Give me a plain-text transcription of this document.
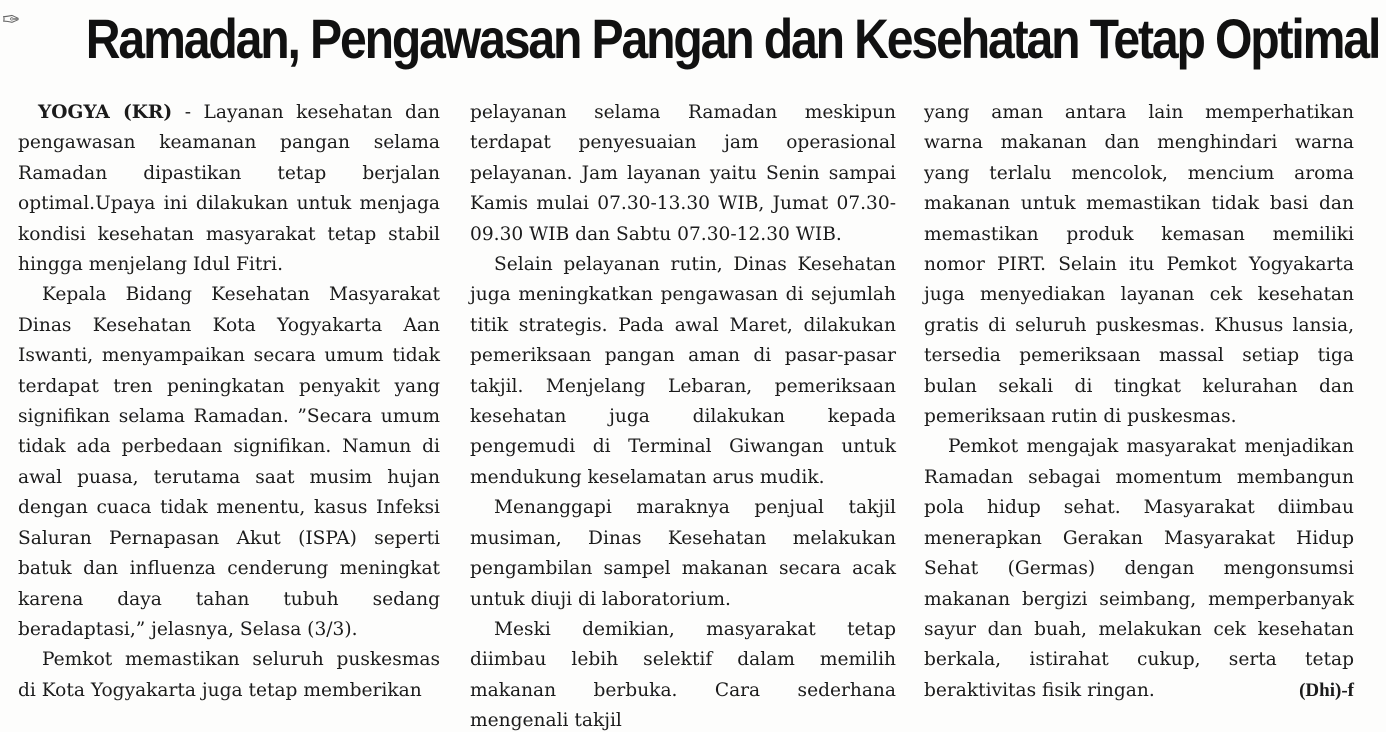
✑	Ramadan, Pengawasan Pangan dan Kesehatan Tetap Optimal

YOGYA (KR) - Layanan kesehatan dan pengawasan keamanan pangan selama Ramadan dipastikan tetap berjalan optimal.Upaya ini dilakukan untuk menjaga kondisi kesehatan masyarakat tetap stabil hingga menjelang Idul Fitri.

Kepala Bidang Kesehatan Masyarakat Dinas Kesehatan Kota Yogyakarta Aan Iswanti, menyampaikan secara umum tidak terdapat tren peningkatan penyakit yang signifikan selama Ramadan. ”Secara umum tidak ada perbedaan signifikan. Namun di awal puasa, terutama saat musim hujan dengan cuaca tidak menentu, kasus Infeksi Saluran Pernapasan Akut (ISPA) seperti batuk dan influenza cenderung meningkat karena daya tahan tubuh sedang beradaptasi,” jelasnya, Selasa (3/3).

Pemkot memastikan seluruh puskesmas di Kota Yogyakarta juga tetap memberikan

pelayanan selama Ramadan meskipun terdapat penyesuaian jam operasional pelayanan. Jam layanan yaitu Senin sampai Kamis mulai 07.30-13.30 WIB, Jumat 07.30-09.30 WIB dan Sabtu 07.30-12.30 WIB.

Selain pelayanan rutin, Dinas Kesehatan juga meningkatkan pengawasan di sejumlah titik strategis. Pada awal Maret, dilakukan pemeriksaan pangan aman di pasar-pasar takjil. Menjelang Lebaran, pemeriksaan kesehatan juga dilakukan kepada pengemudi di Terminal Giwangan untuk mendukung keselamatan arus mudik.

Menanggapi maraknya penjual takjil musiman, Dinas Kesehatan melakukan pengambilan sampel makanan secara acak untuk diuji di laboratorium.

Meski demikian, masyarakat tetap diimbau lebih selektif dalam memilih makanan berbuka. Cara sederhana mengenali takjil

yang aman antara lain memperhatikan warna makanan dan menghindari warna yang terlalu mencolok, mencium aroma makanan untuk memastikan tidak basi dan memastikan produk kemasan memiliki nomor PIRT. Selain itu Pemkot Yogyakarta juga menyediakan layanan cek kesehatan gratis di seluruh puskesmas. Khusus lansia, tersedia pemeriksaan massal setiap tiga bulan sekali di tingkat kelurahan dan pemeriksaan rutin di puskesmas.

Pemkot mengajak masyarakat menjadikan Ramadan sebagai momentum membangun pola hidup sehat. Masyarakat diimbau menerapkan Gerakan Masyarakat Hidup Sehat (Germas) dengan mengonsumsi makanan bergizi seimbang, memperbanyak sayur dan buah, melakukan cek kesehatan berkala, istirahat cukup, serta tetap beraktivitas fisik ringan.	(Dhi)-f
